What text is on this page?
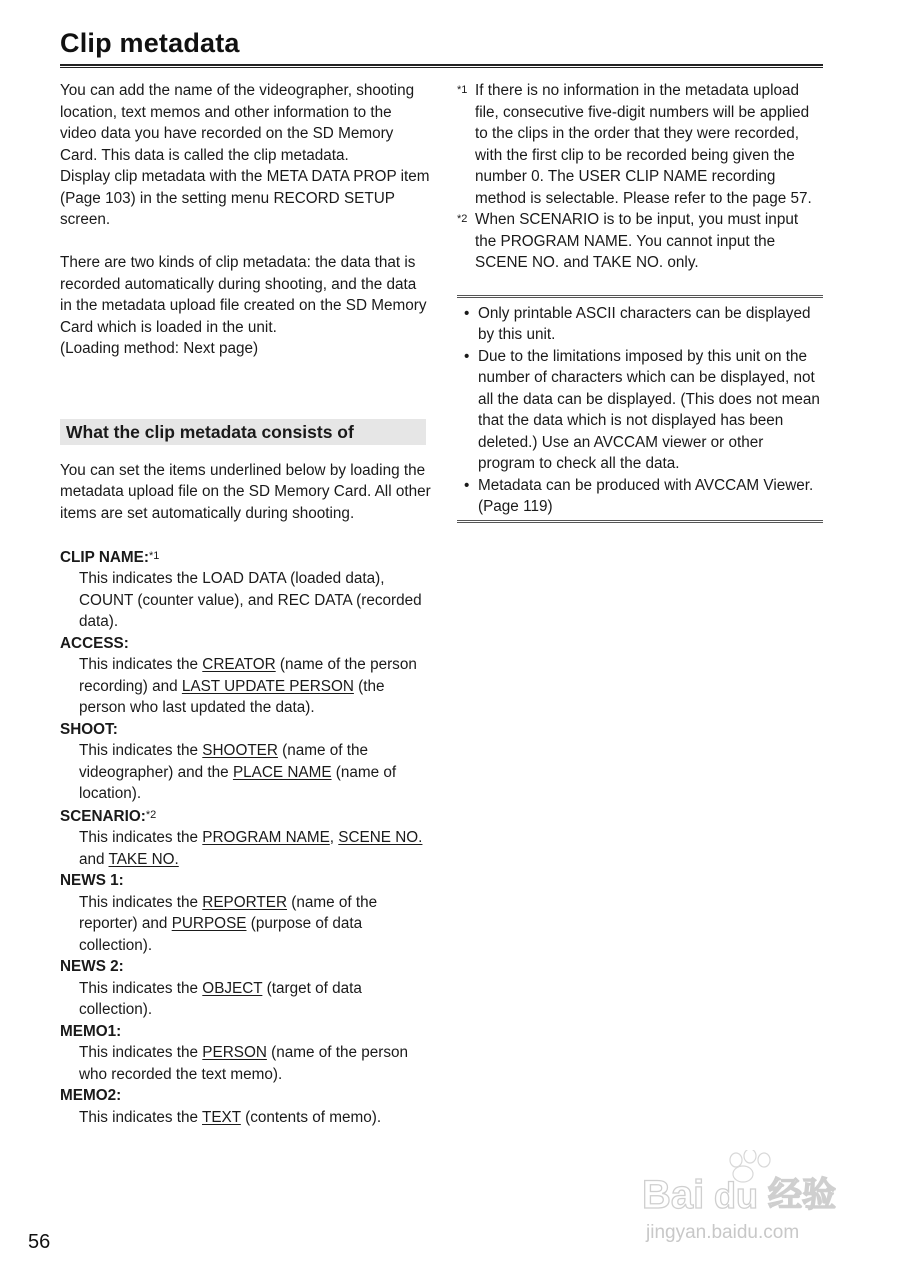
Clip metadata

You can add the name of the videographer, shooting location, text memos and other information to the video data you have recorded on the SD Memory Card. This data is called the clip metadata.

Display clip metadata with the META DATA PROP item (Page 103) in the setting menu RECORD SETUP screen.

There are two kinds of clip metadata: the data that is recorded automatically during shooting, and the data in the metadata upload file created on the SD Memory Card which is loaded in the unit.

(Loading method: Next page)

What the clip metadata consists of

You can set the items underlined below by loading the metadata upload file on the SD Memory Card. All other items are set automatically during shooting.

CLIP NAME:*1
This indicates the LOAD DATA (loaded data), COUNT (counter value), and REC DATA (recorded data).
ACCESS:
This indicates the CREATOR (name of the person recording) and LAST UPDATE PERSON (the person who last updated the data).
SHOOT:
This indicates the SHOOTER (name of the videographer) and the PLACE NAME (name of location).
SCENARIO:*2
This indicates the PROGRAM NAME, SCENE NO. and TAKE NO.
NEWS 1:
This indicates the REPORTER (name of the reporter) and PURPOSE (purpose of data collection).
NEWS 2:
This indicates the OBJECT (target of data collection).
MEMO1:
This indicates the PERSON (name of the person who recorded the text memo).
MEMO2:
This indicates the TEXT (contents of memo).
*1 If there is no information in the metadata upload file, consecutive five-digit numbers will be applied to the clips in the order that they were recorded, with the first clip to be recorded being given the number 0. The USER CLIP NAME recording method is selectable. Please refer to the page 57.
*2 When SCENARIO is to be input, you must input the PROGRAM NAME. You cannot input the SCENE NO. and TAKE NO. only.
• Only printable ASCII characters can be displayed by this unit.
• Due to the limitations imposed by this unit on the number of characters which can be displayed, not all the data can be displayed. (This does not mean that the data which is not displayed has been deleted.) Use an AVCCAM viewer or other program to check all the data.
• Metadata can be produced with AVCCAM Viewer. (Page 119)
56
Bai du 经验
jingyan.baidu.com
